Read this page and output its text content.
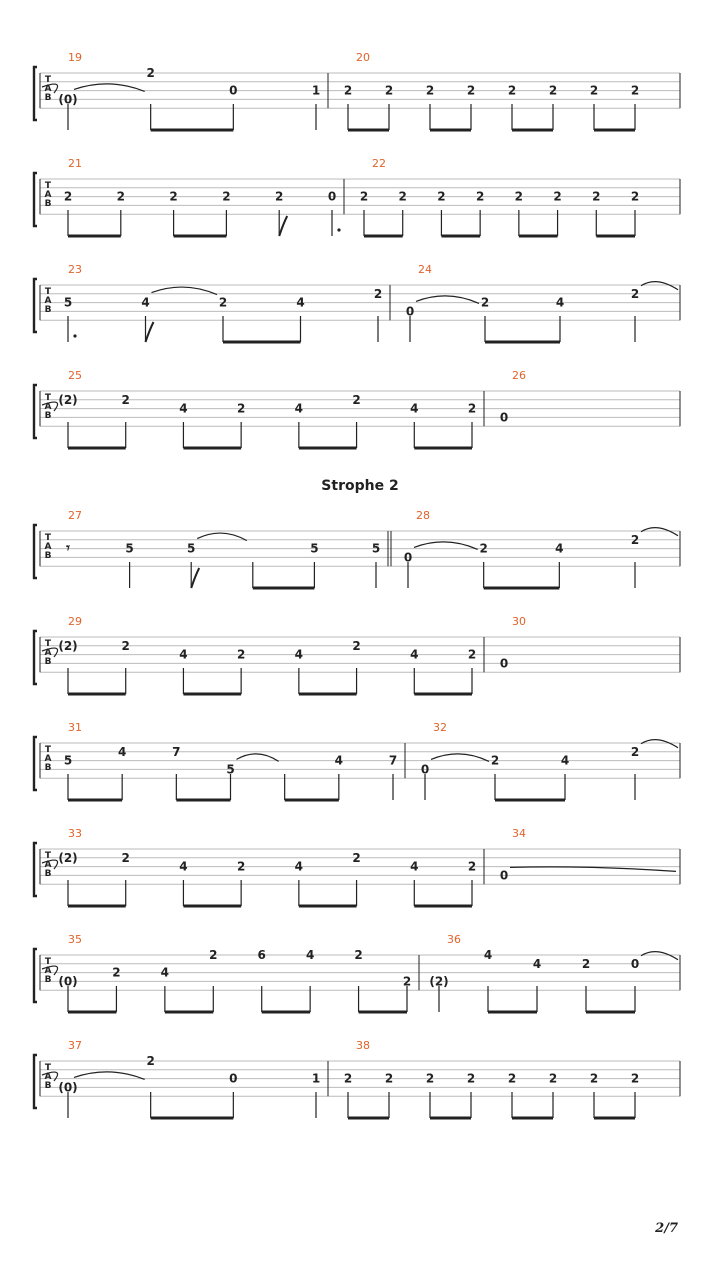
T
A
B
19
(0)
2
0	1
20
2	2	2	2	2	2	2	2
T
A
B
21
2	2	2	2	2	0
22
2	2	2	2	2	2	2	2
T
A
B
23
5	4	2	4
2
24
0
2	4
2
T
A
B
25
(2)	2
4	2	4
2
4	2
26
0
T
A
B
27
𝄾	5	5	5	5
28
0
2	4
2
T
A
B
29
(2)	2
4	2	4
2
4	2
30
0
T
A
B
31
5
4	7
5
4	7
32
0
2	4
2
T
A
B
33
(2)	2
4	2	4
2
4	2
34
0
T
A
B
35
(0)
2	4
2	6	4	2
2
36
(2)
4
4	2	0
T
A
B
37
(0)
2
0	1
38
2	2	2	2	2	2	2	2
Strophe 2
2/7
